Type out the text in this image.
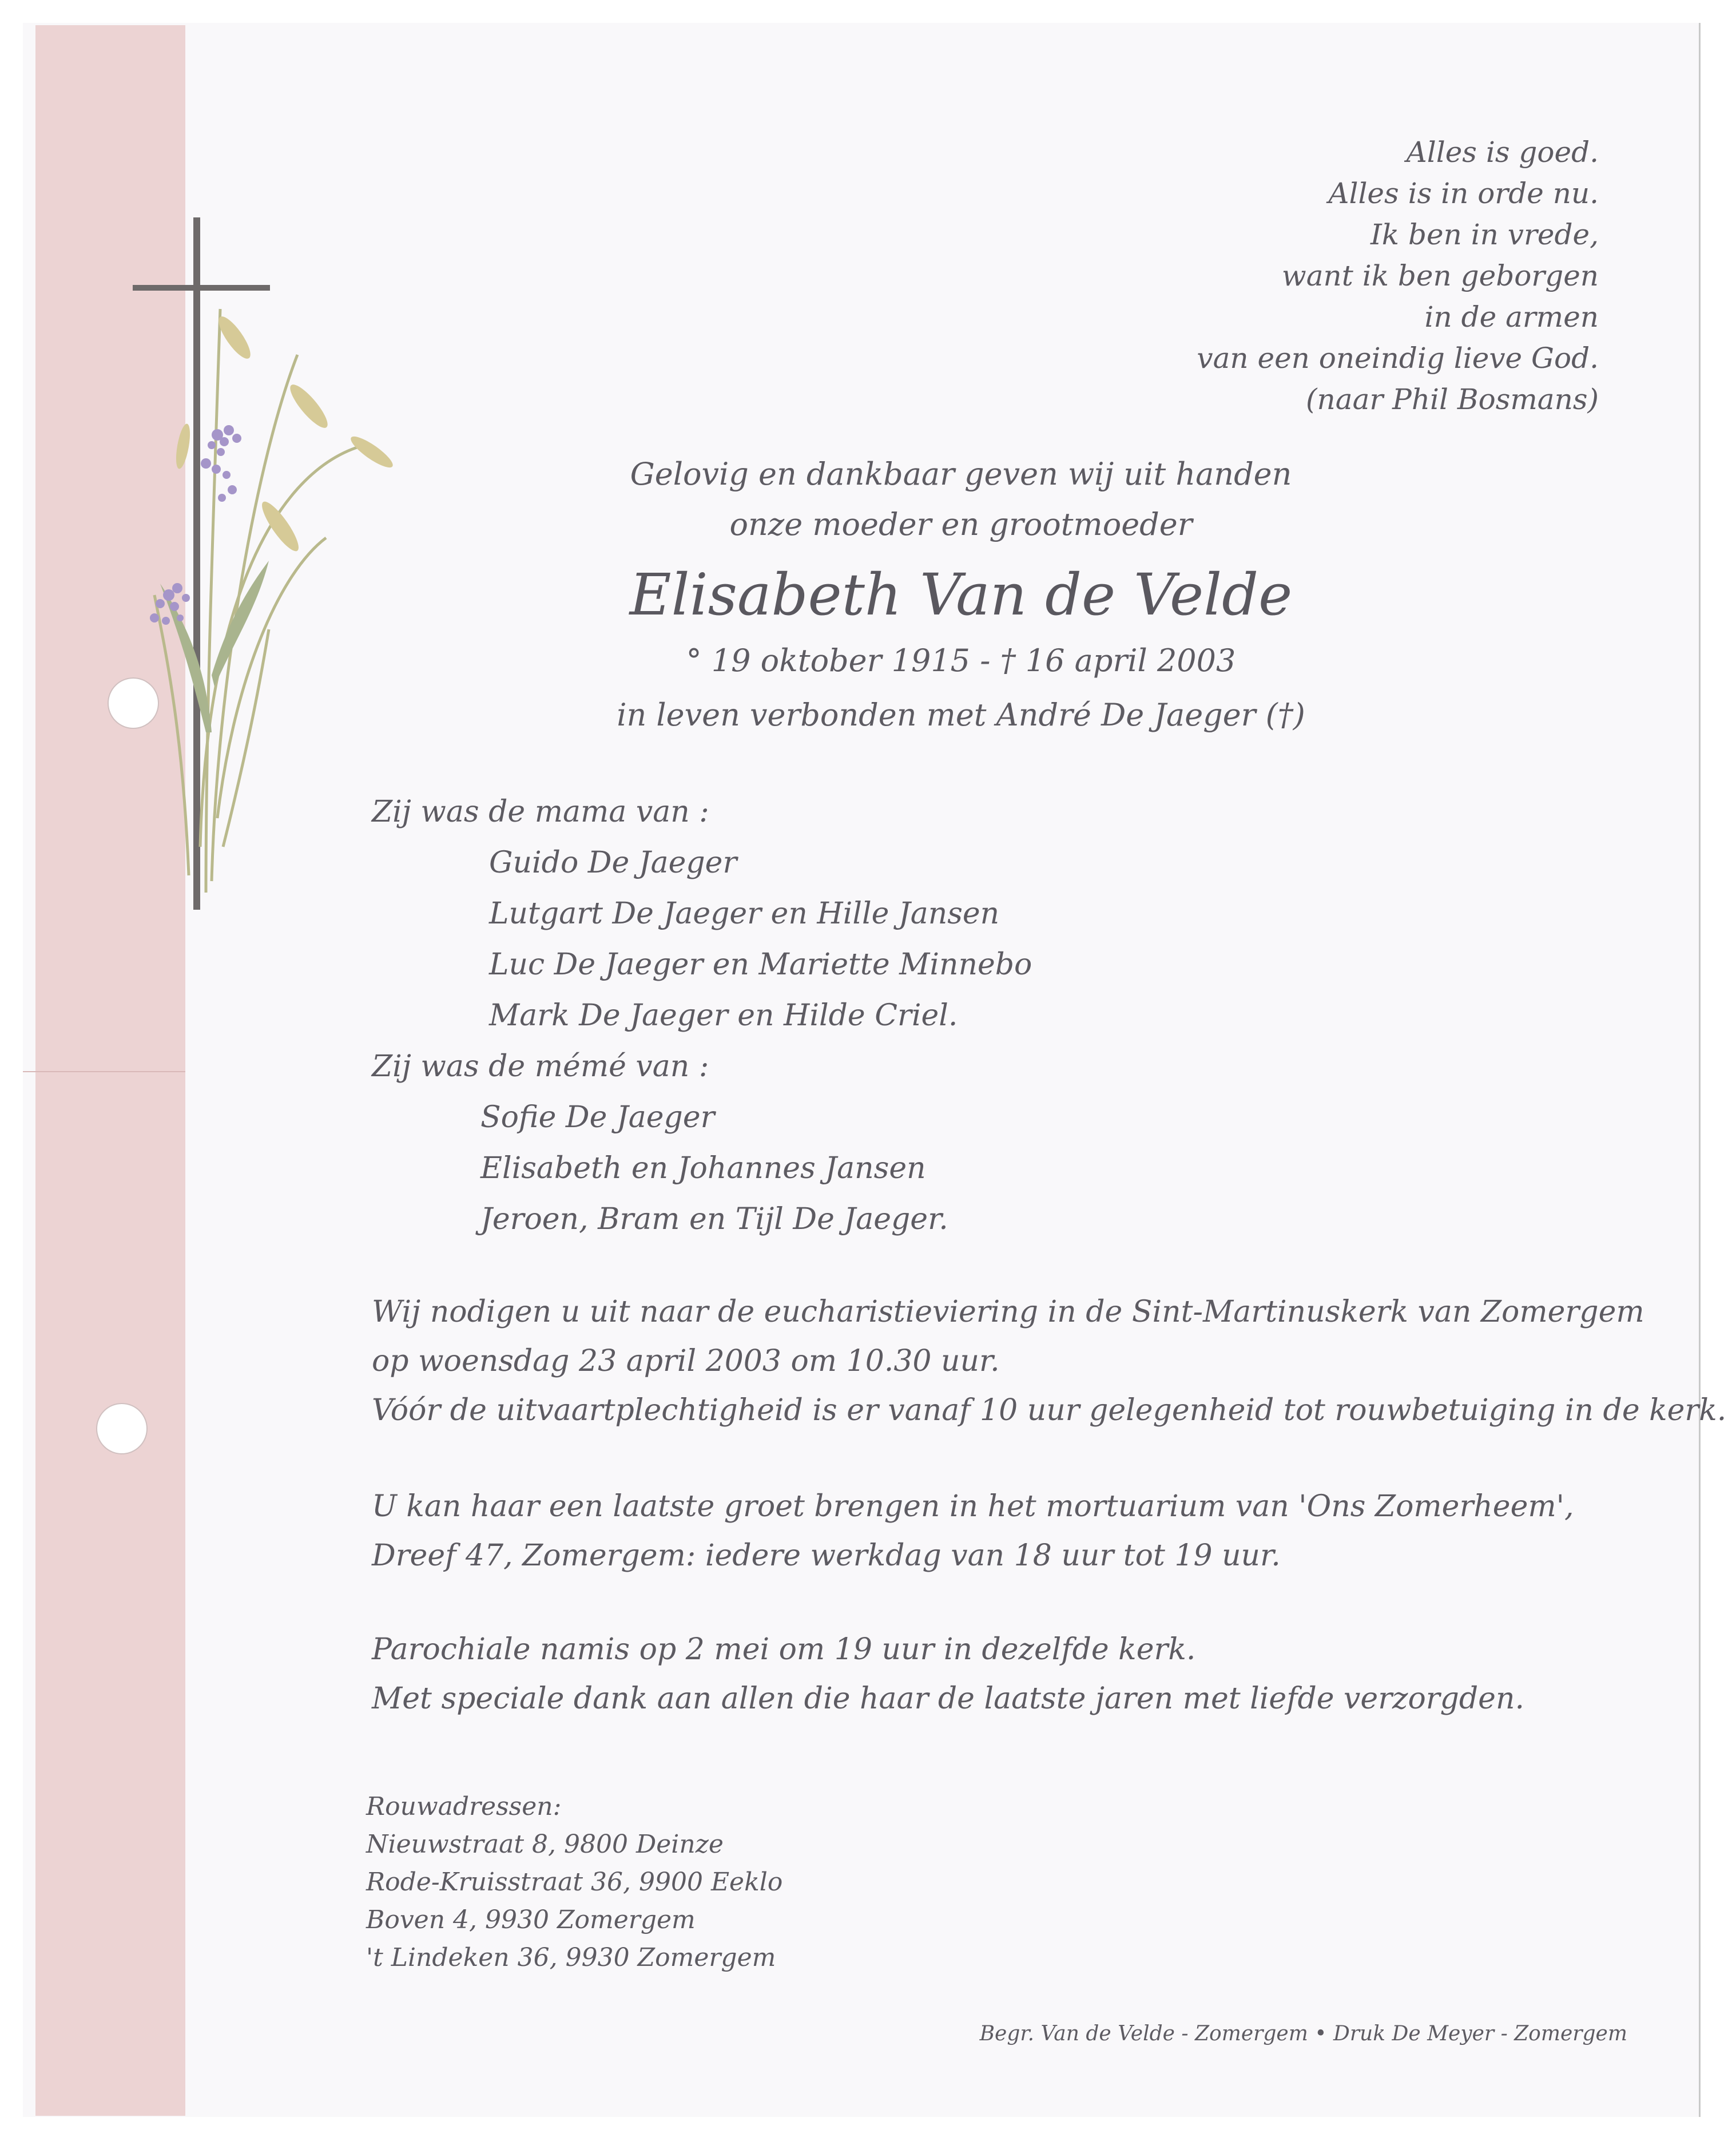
Alles is goed.
Alles is in orde nu.
Ik ben in vrede,
want ik ben geborgen
in de armen
van een oneindig lieve God.
(naar Phil Bosmans)
Gelovig en dankbaar geven wij uit handen
onze moeder en grootmoeder
Elisabeth Van de Velde
° 19 oktober 1915 - † 16 april 2003
in leven verbonden met André De Jaeger (†)
Zij was de mama van :
Guido De Jaeger
Lutgart De Jaeger en Hille Jansen
Luc De Jaeger en Mariette Minnebo
Mark De Jaeger en Hilde Criel.
Zij was de mémé van :
Sofie De Jaeger
Elisabeth en Johannes Jansen
Jeroen, Bram en Tijl De Jaeger.
Wij nodigen u uit naar de eucharistieviering in de Sint-Martinuskerk van Zomergem
op woensdag 23 april 2003 om 10.30 uur.
Vóór de uitvaartplechtigheid is er vanaf 10 uur gelegenheid tot rouwbetuiging in de kerk.
U kan haar een laatste groet brengen in het mortuarium van 'Ons Zomerheem',
Dreef 47, Zomergem: iedere werkdag van 18 uur tot 19 uur.
Parochiale namis op 2 mei om 19 uur in dezelfde kerk.
Met speciale dank aan allen die haar de laatste jaren met liefde verzorgden.
Rouwadressen:
Nieuwstraat 8, 9800 Deinze
Rode-Kruisstraat 36, 9900 Eeklo
Boven 4, 9930 Zomergem
't Lindeken 36, 9930 Zomergem
Begr. Van de Velde - Zomergem • Druk De Meyer - Zomergem
